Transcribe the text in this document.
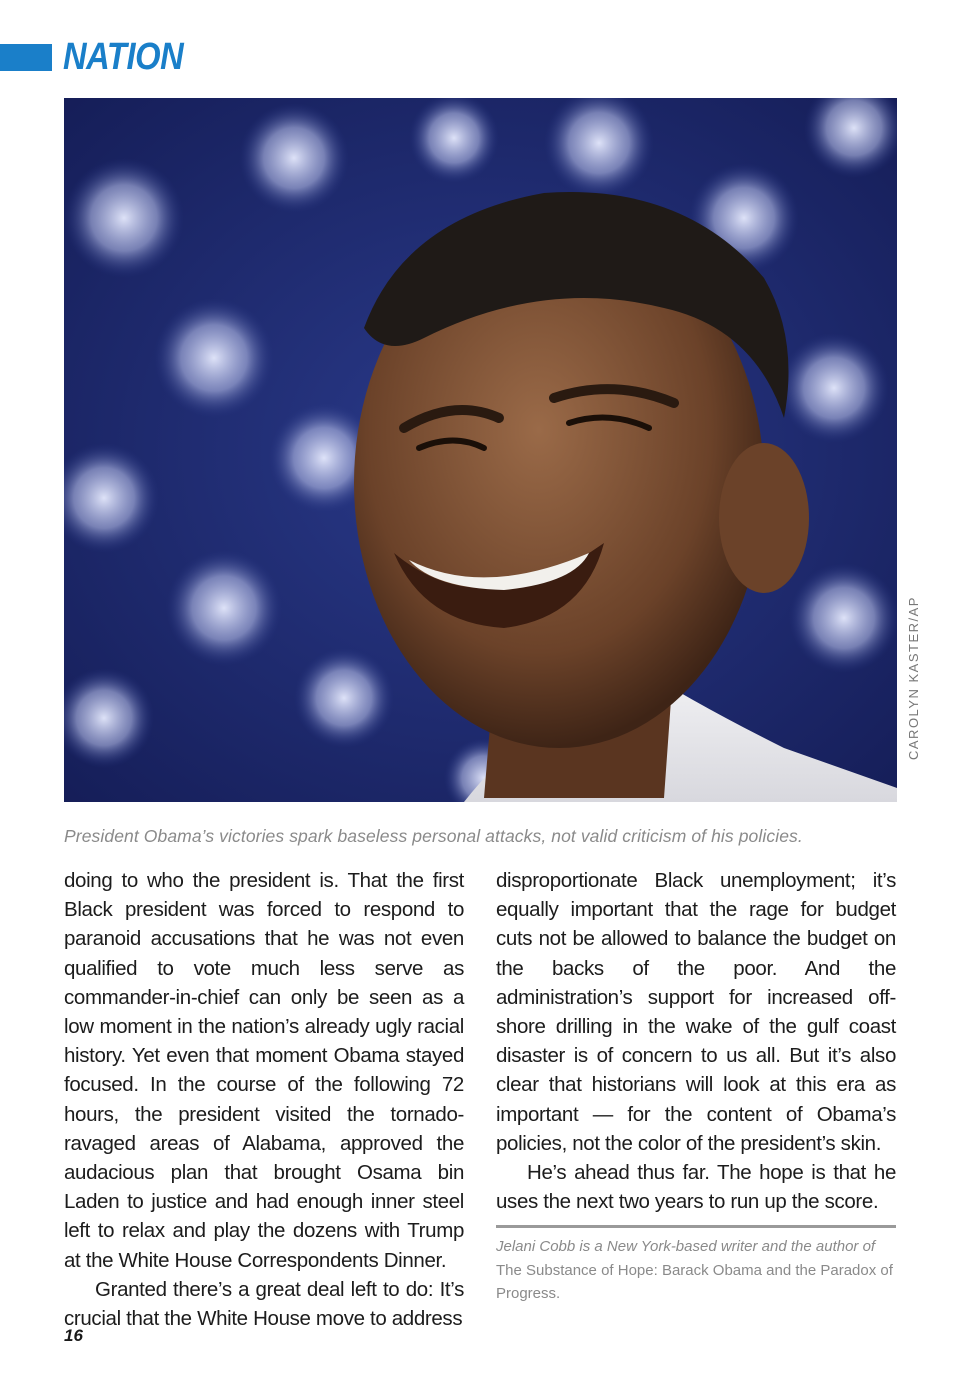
NATION
CAROLYN KASTER/AP
President Obama’s victories spark baseless personal attacks, not valid criticism of his policies.

doing to who the president is. That the first Black president was forced to respond to paranoid accusations that he was not even qualified to vote much less serve as commander-in-chief can only be seen as a low moment in the nation’s already ugly racial history. Yet even that moment Obama stayed focused. In the course of the following 72 hours, the president visited the tornado-ravaged areas of Alabama, approved the audacious plan that brought Osama bin Laden to justice and had enough inner steel left to relax and play the dozens with Trump at the White House Correspondents Dinner.

Granted there’s a great deal left to do: It’s crucial that the White House move to address

disproportionate Black unemployment; it’s equally important that the rage for budget cuts not be allowed to balance the budget on the backs of the poor. And the administration’s support for increased off-shore drilling in the wake of the gulf coast disaster is of concern to us all. But it’s also clear that historians will look at this era as important — for the content of Obama’s policies, not the color of the president’s skin.

He’s ahead thus far. The hope is that he uses the next two years to run up the score.

Jelani Cobb is a New York-based writer and the author of The Substance of Hope: Barack Obama and the Paradox of Progress.
16
